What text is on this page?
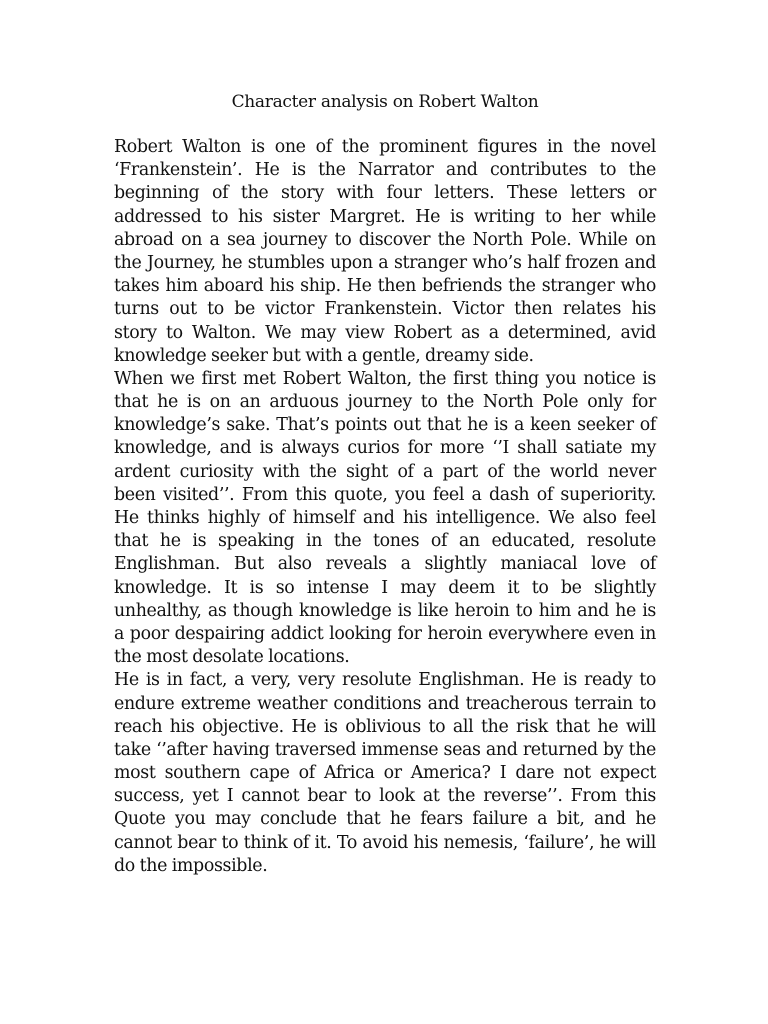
Character analysis on Robert Walton
Robert Walton is one of the prominent figures in the novel
‘Frankenstein’. He is the Narrator and contributes to the
beginning of the story with four letters. These letters or
addressed to his sister Margret. He is writing to her while
abroad on a sea journey to discover the North Pole. While on
the Journey, he stumbles upon a stranger who’s half frozen and
takes him aboard his ship. He then befriends the stranger who
turns out to be victor Frankenstein. Victor then relates his
story to Walton. We may view Robert as a determined, avid
knowledge seeker but with a gentle, dreamy side.
When we first met Robert Walton, the first thing you notice is
that he is on an arduous journey to the North Pole only for
knowledge’s sake. That’s points out that he is a keen seeker of
knowledge, and is always curios for more ‘’I shall satiate my
ardent curiosity with the sight of a part of the world never
been visited’’. From this quote, you feel a dash of superiority.
He thinks highly of himself and his intelligence. We also feel
that he is speaking in the tones of an educated, resolute
Englishman. But also reveals a slightly maniacal love of
knowledge. It is so intense I may deem it to be slightly
unhealthy, as though knowledge is like heroin to him and he is
a poor despairing addict looking for heroin everywhere even in
the most desolate locations.
He is in fact, a very, very resolute Englishman. He is ready to
endure extreme weather conditions and treacherous terrain to
reach his objective. He is oblivious to all the risk that he will
take ‘’after having traversed immense seas and returned by the
most southern cape of Africa or America? I dare not expect
success, yet I cannot bear to look at the reverse’’. From this
Quote you may conclude that he fears failure a bit, and he
cannot bear to think of it. To avoid his nemesis, ‘failure’, he will
do the impossible.
